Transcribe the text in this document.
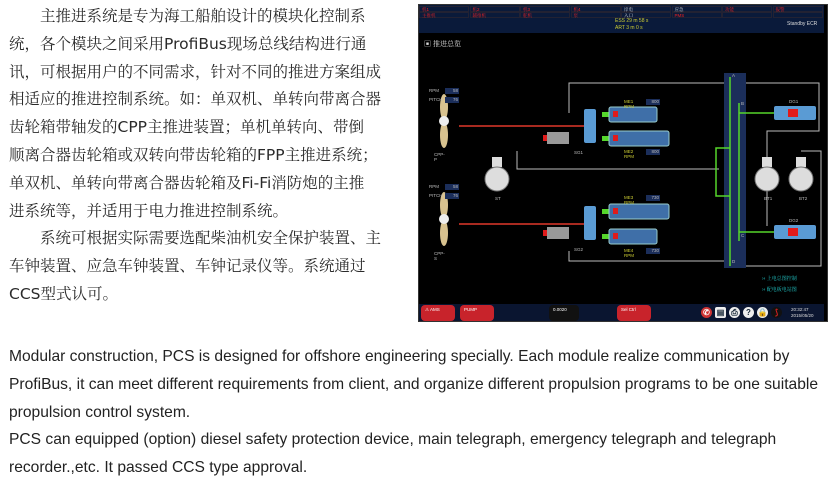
主推进系统是专为海工船舶设计的模块化控制系
统，各个模块之间采用ProfiBus现场总线结构进行通
讯，可根据用户的不同需求，针对不同的推进方案组成
相适应的推进控制系统。如：单双机、单转向带离合器
齿轮箱带轴发的CPP主推进装置；单机单转向、带倒
顺离合器齿轮箱或双转向带齿轮箱的FPP主推进系统；
单双机、单转向带离合器齿轮箱及Fi-Fi消防炮的主推
进系统等，并适用于电力推进控制系统。
系统可根据实际需要选配柴油机安全保护装置、主
车钟装置、应急车钟装置、车钟记录仪等。系统通过
CCS型式认可。
机1	机2	机3	机4	岸电	应急	功能	报警
主推机	辅推机	舵机	泵	入口	PMS
ESS 29 m 58 s
ART 3 m 0 s
Standby ECR
▣ 推进总览
RPM
PITCH
58
76
CPP-P
RPM
PITCH
58
76
CPP-S
ME1 RPM
800
ME2 RPM
800
ME3 RPM
730
ME4 RPM
730
SG1
SG2
ST	BT1	BT2
DG1
DG2
A
B
C
D
›› 上电总图控制
›› 配电板电站图
⚠ AMS	PUMP	0.0020	Sel Ctrl	✆ ▤ ⎙	? 🔒 ⟆	20:32:47
2015/05/20
Modular construction, PCS is designed for offshore engineering specially. Each module realize communication by ProfiBus, it can meet different requirements from client, and organize different propulsion programs to be one suitable propulsion control system.
PCS can equipped (option) diesel safety protection device, main telegraph, emergency telegraph and telegraph recorder.,etc. It passed CCS type approval.
